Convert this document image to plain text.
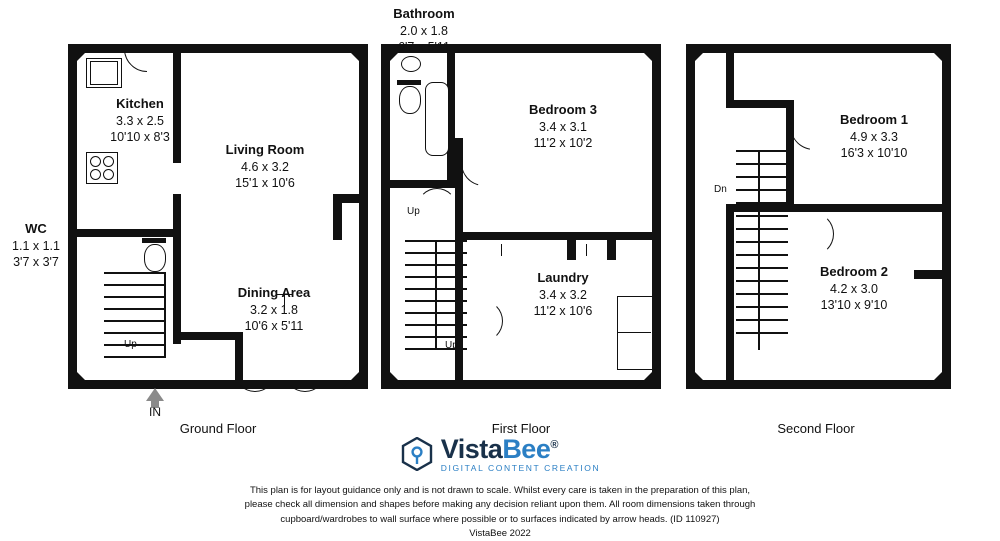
Up
Kitchen
3.3 x 2.5
10'10 x 8'3
Living Room
4.6 x 3.2
15'1 x 10'6
WC
1.1 x 1.1
3'7 x 3'7
Dining Area
3.2 x 1.8
10'6 x 5'11
IN
Ground Floor
Up
Up
Bathroom
2.0 x 1.8
6'7 x 5'11
Bedroom 3
3.4 x 3.1
11'2 x 10'2
Laundry
3.4 x 3.2
11'2 x 10'6
First Floor
Dn
Bedroom 1
4.9 x 3.3
16'3 x 10'10
Bedroom 2
4.2 x 3.0
13'10 x 9'10
Second Floor
VistaBee®
DIGITAL CONTENT CREATION
This plan is for layout guidance only and is not drawn to scale. Whilst every care is taken in the preparation of this plan,
please check all dimension and shapes before making any decision reliant upon them. All room dimensions taken through
cupboard/wardrobes to wall surface where possible or to surfaces indicated by arrow heads. (ID 110927)
VistaBee 2022
